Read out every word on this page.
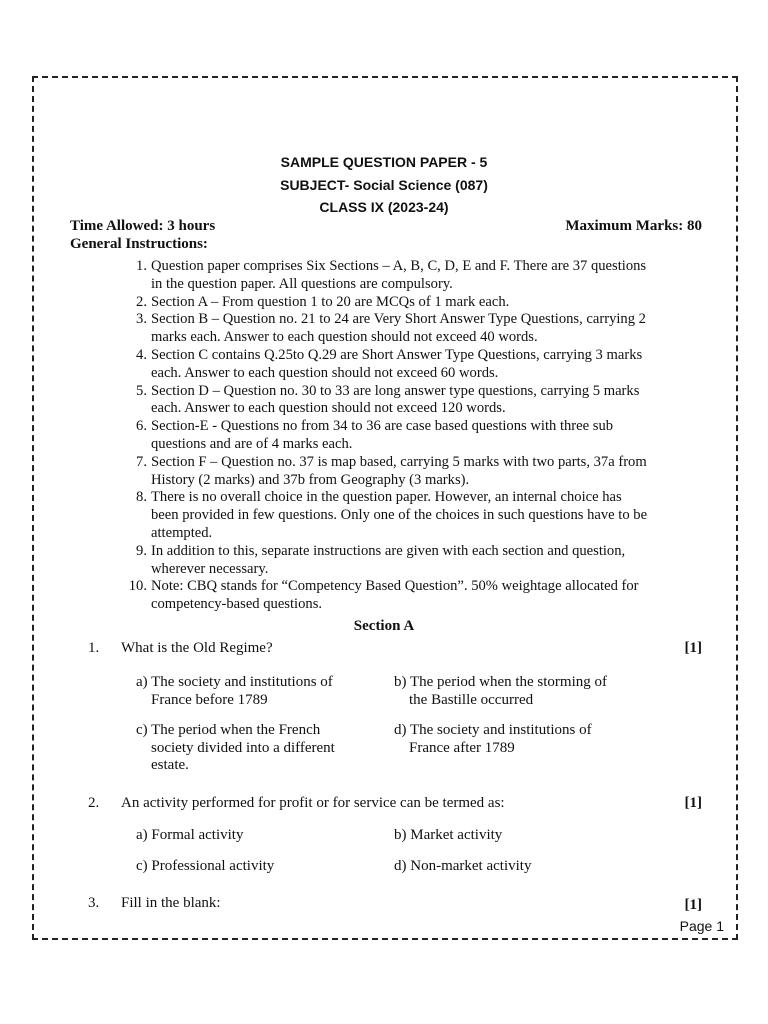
SAMPLE QUESTION PAPER - 5
SUBJECT- Social Science (087)
CLASS IX (2023-24)
Time Allowed: 3 hours	Maximum Marks: 80
General Instructions:
1. Question paper comprises Six Sections – A, B, C, D, E and F. There are 37 questions
in the question paper. All questions are compulsory.
2. Section A – From question 1 to 20 are MCQs of 1 mark each.
3. Section B – Question no. 21 to 24 are Very Short Answer Type Questions, carrying 2
marks each. Answer to each question should not exceed 40 words.
4. Section C contains Q.25to Q.29 are Short Answer Type Questions, carrying 3 marks
each. Answer to each question should not exceed 60 words.
5. Section D – Question no. 30 to 33 are long answer type questions, carrying 5 marks
each. Answer to each question should not exceed 120 words.
6. Section-E - Questions no from 34 to 36 are case based questions with three sub
questions and are of 4 marks each.
7. Section F – Question no. 37 is map based, carrying 5 marks with two parts, 37a from
History (2 marks) and 37b from Geography (3 marks).
8. There is no overall choice in the question paper. However, an internal choice has
been provided in few questions. Only one of the choices in such questions have to be
attempted.
9. In addition to this, separate instructions are given with each section and question,
wherever necessary.
10. Note: CBQ stands for “Competency Based Question”. 50% weightage allocated for
competency-based questions.
Section A
1. What is the Old Regime?	[1]
a) The society and institutions of
France before 1789
b) The period when the storming of
the Bastille occurred
c) The period when the French
society divided into a different
estate.
d) The society and institutions of
France after 1789
2. An activity performed for profit or for service can be termed as:	[1]
a) Formal activity	b) Market activity
c) Professional activity	d) Non-market activity
3. Fill in the blank:	[1]
Page 1
